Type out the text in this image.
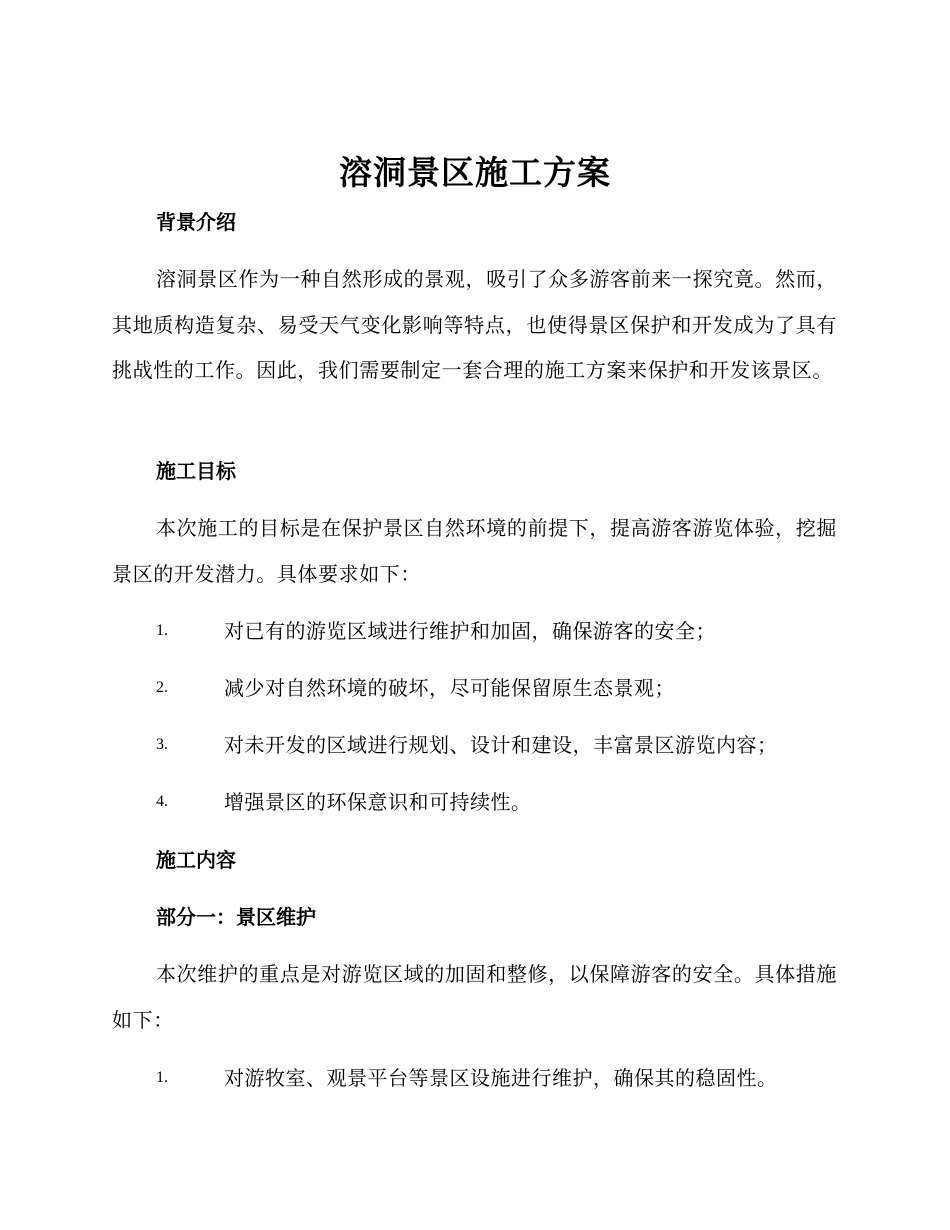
溶洞景区施工方案
背景介绍
溶洞景区作为一种自然形成的景观，吸引了众多游客前来一探究竟。然而，其地质构造复杂、易受天气变化影响等特点，也使得景区保护和开发成为了具有挑战性的工作。因此，我们需要制定一套合理的施工方案来保护和开发该景区。
施工目标
本次施工的目标是在保护景区自然环境的前提下，提高游客游览体验，挖掘景区的开发潜力。具体要求如下：
1.	对已有的游览区域进行维护和加固，确保游客的安全；
2.	减少对自然环境的破坏，尽可能保留原生态景观；
3.	对未开发的区域进行规划、设计和建设，丰富景区游览内容；
4.	增强景区的环保意识和可持续性。
施工内容
部分一：景区维护
本次维护的重点是对游览区域的加固和整修，以保障游客的安全。具体措施如下：
1.	对游牧室、观景平台等景区设施进行维护，确保其的稳固性。
